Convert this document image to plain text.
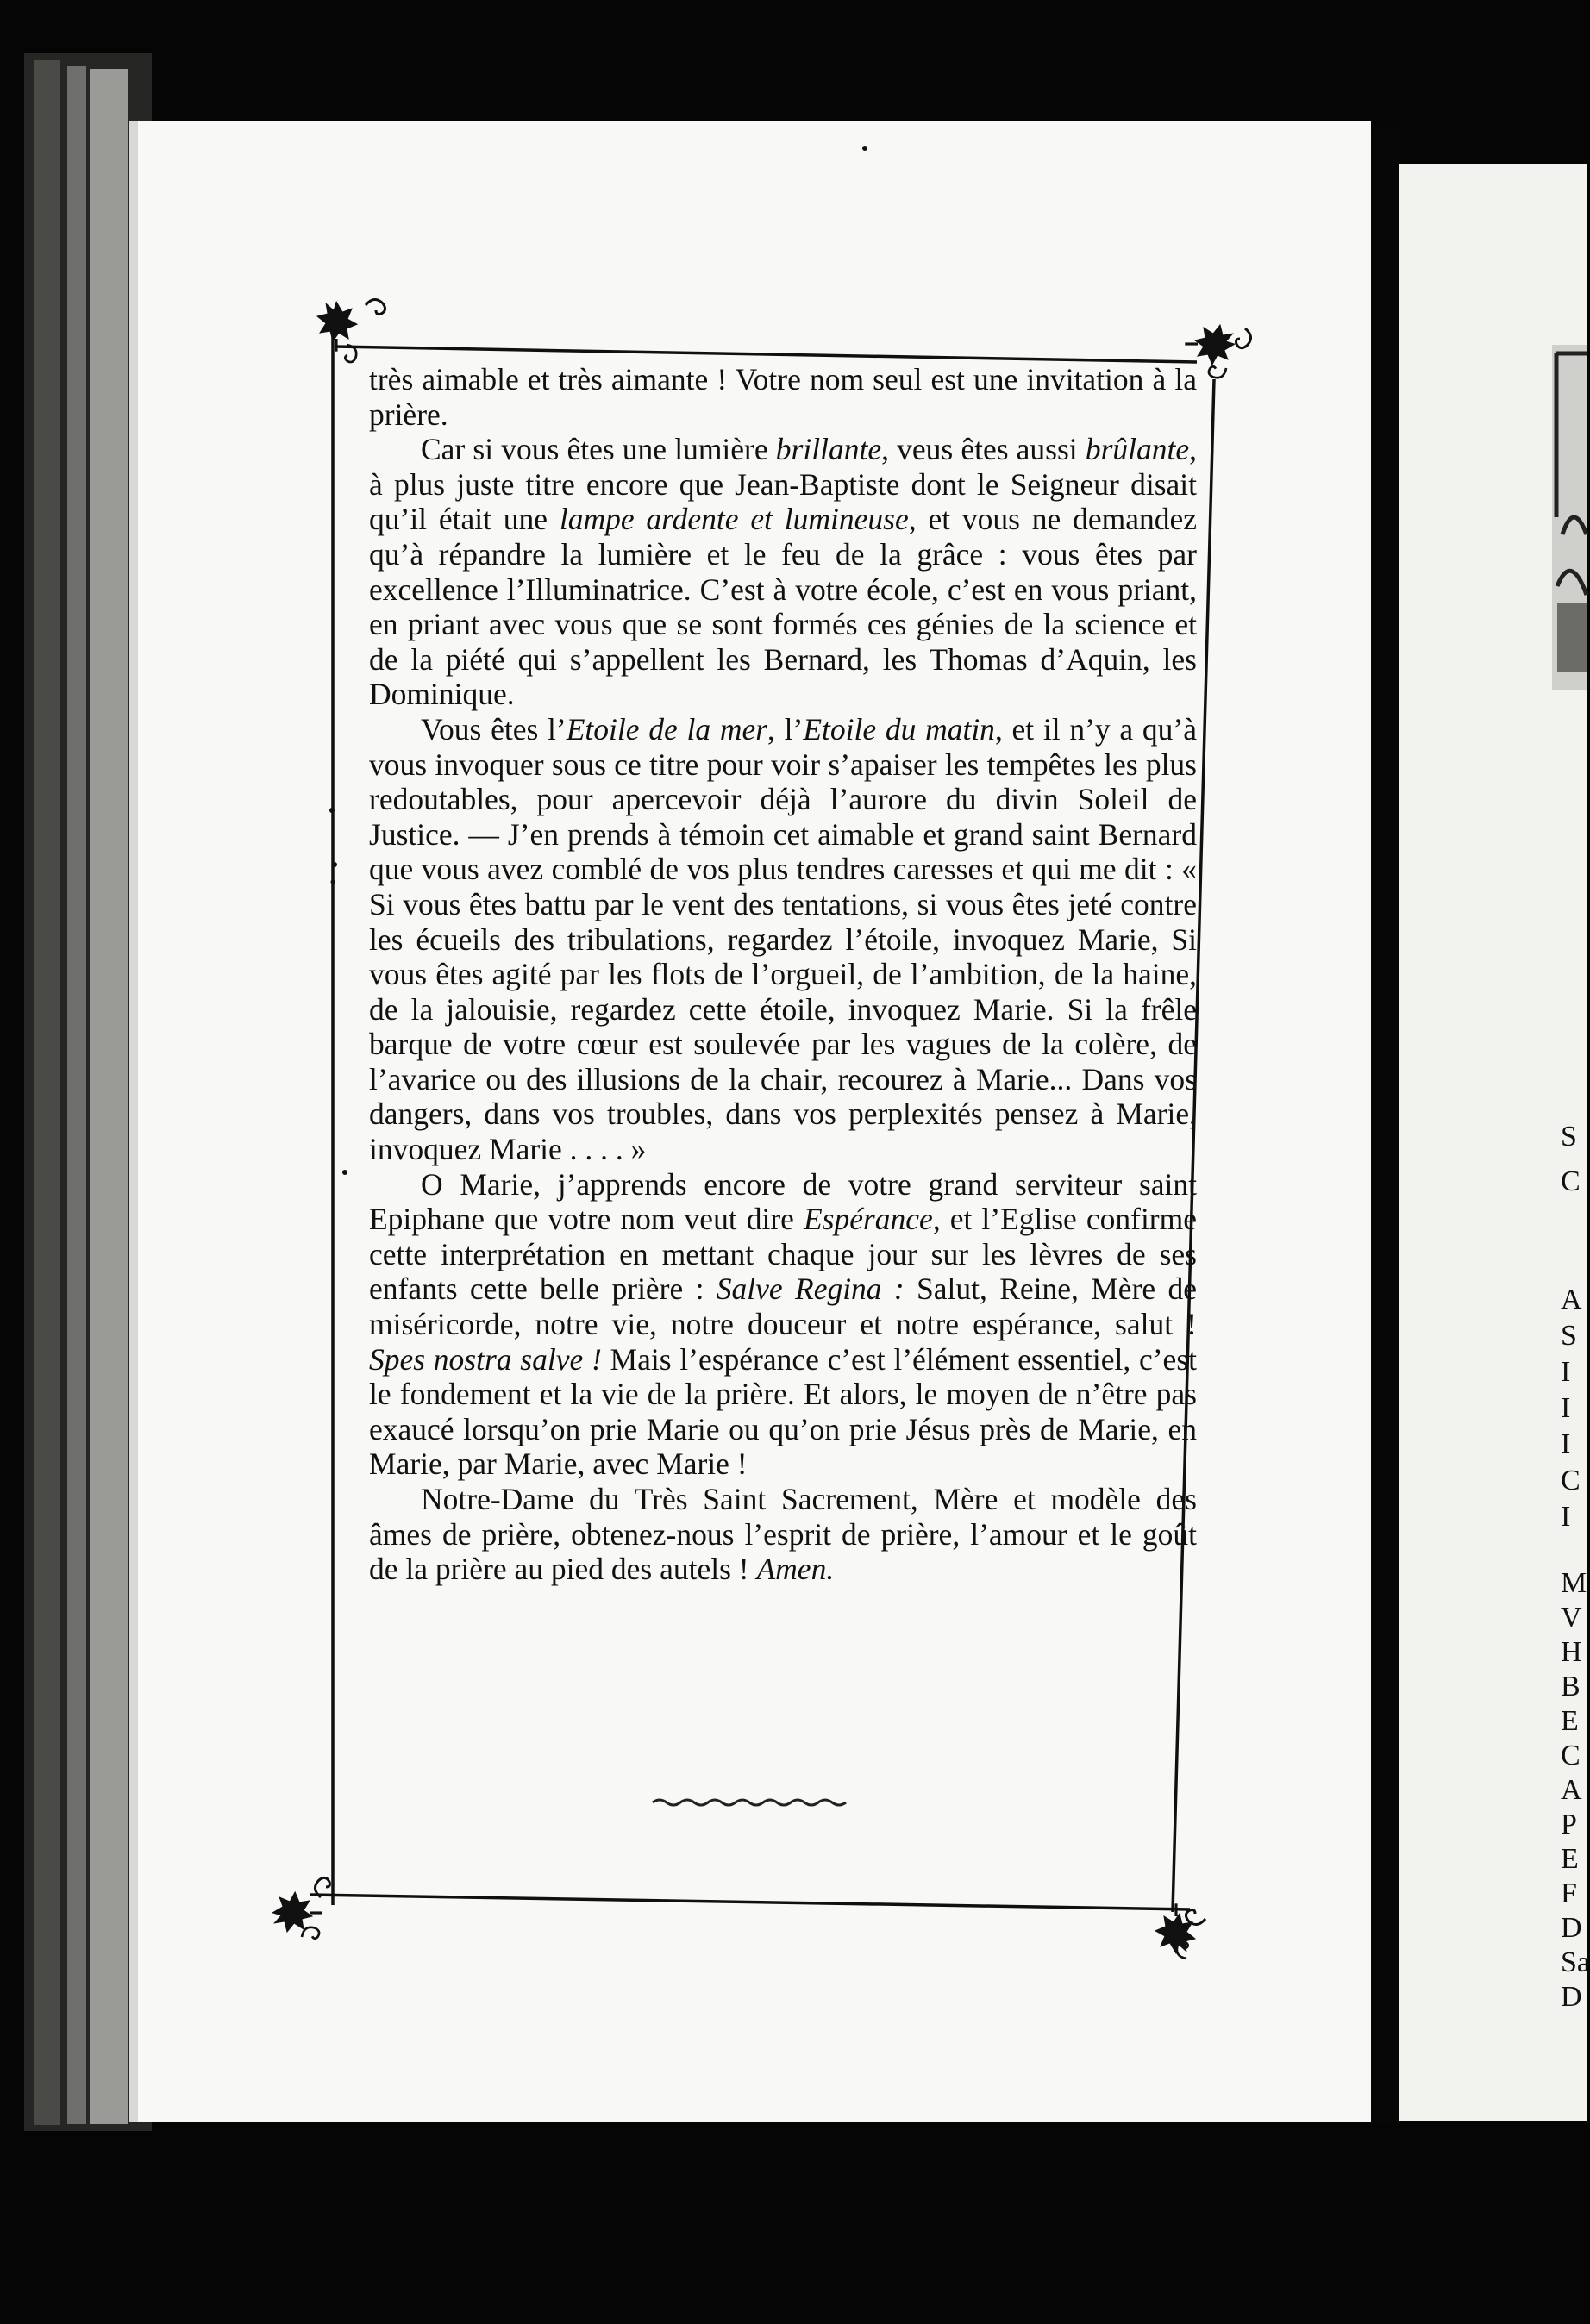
très aimable et très aimante ! Votre nom seul est une invitation à la prière.

Car si vous êtes une lumière brillante, veus êtes aussi brûlante, à plus juste titre encore que Jean-Baptiste dont le Seigneur disait qu’il était une lampe ardente et lumineuse, et vous ne demandez qu’à répandre la lumière et le feu de la grâce : vous êtes par excellence l’Illuminatrice. C’est à votre école, c’est en vous priant, en priant avec vous que se sont formés ces génies de la science et de la piété qui s’appellent les Bernard, les Thomas d’Aquin, les Dominique.

Vous êtes l’Etoile de la mer, l’Etoile du matin, et il n’y a qu’à vous invoquer sous ce titre pour voir s’apaiser les tempêtes les plus redoutables, pour apercevoir déjà l’aurore du divin Soleil de Justice. — J’en prends à témoin cet aimable et grand saint Bernard que vous avez comblé de vos plus tendres caresses et qui me dit : « Si vous êtes battu par le vent des tentations, si vous êtes jeté contre les écueils des tribulations, regardez l’étoile, invoquez Marie, Si vous êtes agité par les flots de l’orgueil, de l’ambition, de la haine, de la jalouisie, regardez cette étoile, invoquez Marie. Si la frêle barque de votre cœur est soulevée par les vagues de la colère, de l’avarice ou des illusions de la chair, recourez à Marie... Dans vos dangers, dans vos troubles, dans vos perplexités pensez à Marie, invoquez Marie . . . . »

O Marie, j’apprends encore de votre grand serviteur saint Epiphane que votre nom veut dire Espérance, et l’Eglise confirme cette interprétation en mettant chaque jour sur les lèvres de ses enfants cette belle prière : Salve Regina : Salut, Reine, Mère de miséricorde, notre vie, notre douceur et notre espérance, salut ! Spes nostra salve ! Mais l’espérance c’est l’élément essentiel, c’est le fondement et la vie de la prière. Et alors, le moyen de n’être pas exaucé lorsqu’on prie Marie ou qu’on prie Jésus près de Marie, en Marie, par Marie, avec Marie !

Notre-Dame du Très Saint Sacrement, Mère et modèle des âmes de prière, obtenez-nous l’esprit de prière, l’amour et le goût de la prière au pied des autels ! Amen.

S
C
A
S
I
I
I
C
I
M
V
H
B
E
C
A
P
E
F
D
Sa
D
